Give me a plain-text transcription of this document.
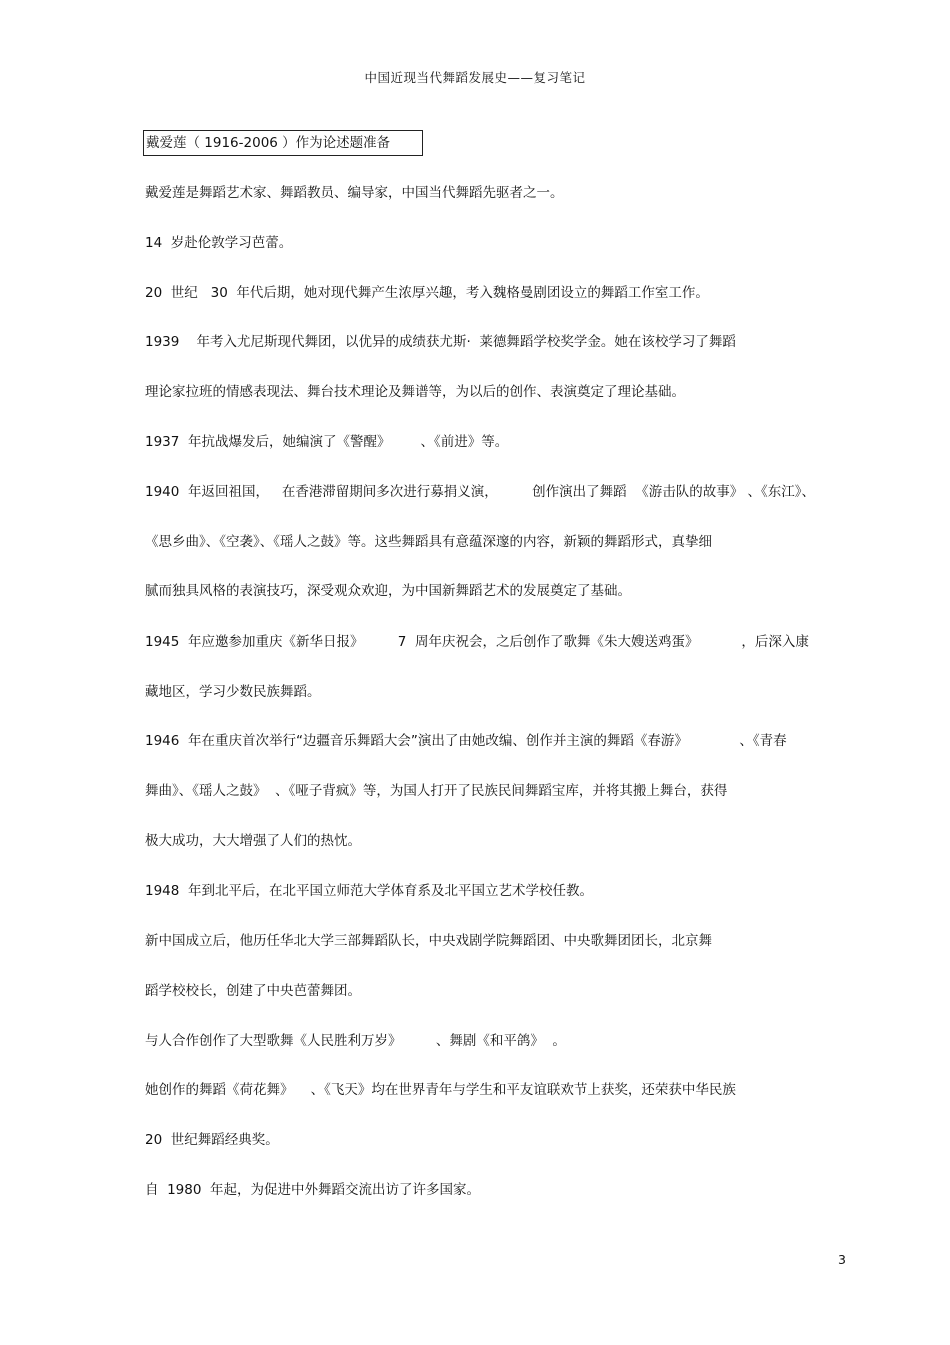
中国近现当代舞蹈发展史——复习笔记
戴爱莲（ 1916-2006 ）作为论述题准备
戴爱莲是舞蹈艺术家、舞蹈教员、编导家，中国当代舞蹈先驱者之一。
14  岁赴伦敦学习芭蕾。
20  世纪   30  年代后期，她对现代舞产生浓厚兴趣，考入魏格曼剧团设立的舞蹈工作室工作。
1939    年考入尤尼斯现代舞团，以优异的成绩获尤斯·  莱德舞蹈学校奖学金。她在该校学习了舞蹈
理论家拉班的情感表现法、舞台技术理论及舞谱等，为以后的创作、表演奠定了理论基础。
1937  年抗战爆发后，她编演了《警醒》       、《前进》等。
1940  年返回祖国，   在香港滞留期间多次进行募捐义演，        创作演出了舞蹈  《游击队的故事》 、《东江》、
《思乡曲》、《空袭》、《瑶人之鼓》等。这些舞蹈具有意蕴深邃的内容，新颖的舞蹈形式，真挚细
腻而独具风格的表演技巧，深受观众欢迎，为中国新舞蹈艺术的发展奠定了基础。
1945  年应邀参加重庆《新华日报》        7  周年庆祝会，之后创作了歌舞《朱大嫂送鸡蛋》          ，后深入康
藏地区，学习少数民族舞蹈。
1946  年在重庆首次举行“边疆音乐舞蹈大会”演出了由她改编、创作并主演的舞蹈《春游》            、《青春
舞曲》、《瑶人之鼓》  、《哑子背疯》等，为国人打开了民族民间舞蹈宝库，并将其搬上舞台，获得
极大成功，大大增强了人们的热忱。
1948  年到北平后，在北平国立师范大学体育系及北平国立艺术学校任教。
新中国成立后，他历任华北大学三部舞蹈队长，中央戏剧学院舞蹈团、中央歌舞团团长，北京舞
蹈学校校长，创建了中央芭蕾舞团。
与人合作创作了大型歌舞《人民胜利万岁》        、舞剧《和平鸽》  。
她创作的舞蹈《荷花舞》    、《飞天》均在世界青年与学生和平友谊联欢节上获奖，还荣获中华民族
20  世纪舞蹈经典奖。
自  1980  年起，为促进中外舞蹈交流出访了许多国家。
3
